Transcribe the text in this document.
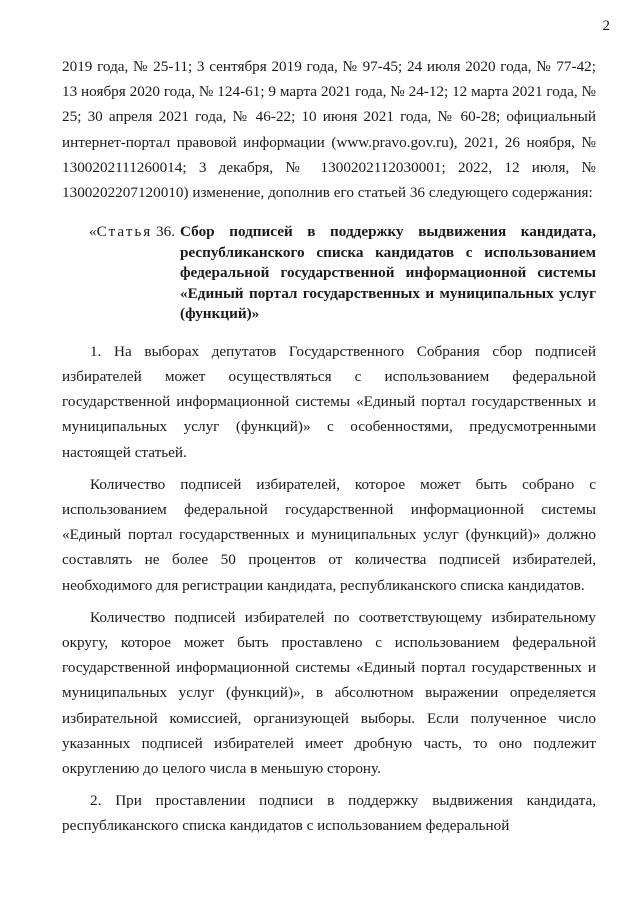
2

2019 года, № 25-11; 3 сентября 2019 года, № 97-45; 24 июля 2020 года, № 77-42; 13 ноября 2020 года, № 124-61; 9 марта 2021 года, № 24-12; 12 марта 2021 года, № 25; 30 апреля 2021 года, № 46-22; 10 июня 2021 года, № 60-28; официальный интернет-портал правовой информации (www.pravo.gov.ru), 2021, 26 ноября, № 1300202111260014; 3 декабря, № 1300202112030001; 2022, 12 июля, № 1300202207120010) изменение, дополнив его статьей 36 следующего содержания:

«Статья 36. Сбор подписей в поддержку выдвижения кандидата, республиканского списка кандидатов с использованием федеральной государственной информационной системы «Единый портал государственных и муниципальных услуг (функций)»

1. На выборах депутатов Государственного Собрания сбор подписей избирателей может осуществляться с использованием федеральной государственной информационной системы «Единый портал государственных и муниципальных услуг (функций)» с особенностями, предусмотренными настоящей статьей.

Количество подписей избирателей, которое может быть собрано с использованием федеральной государственной информационной системы «Единый портал государственных и муниципальных услуг (функций)» должно составлять не более 50 процентов от количества подписей избирателей, необходимого для регистрации кандидата, республиканского списка кандидатов.

Количество подписей избирателей по соответствующему избирательному округу, которое может быть проставлено с использованием федеральной государственной информационной системы «Единый портал государственных и муниципальных услуг (функций)», в абсолютном выражении определяется избирательной комиссией, организующей выборы. Если полученное число указанных подписей избирателей имеет дробную часть, то оно подлежит округлению до целого числа в меньшую сторону.

2. При проставлении подписи в поддержку выдвижения кандидата, республиканского списка кандидатов с использованием федеральной
